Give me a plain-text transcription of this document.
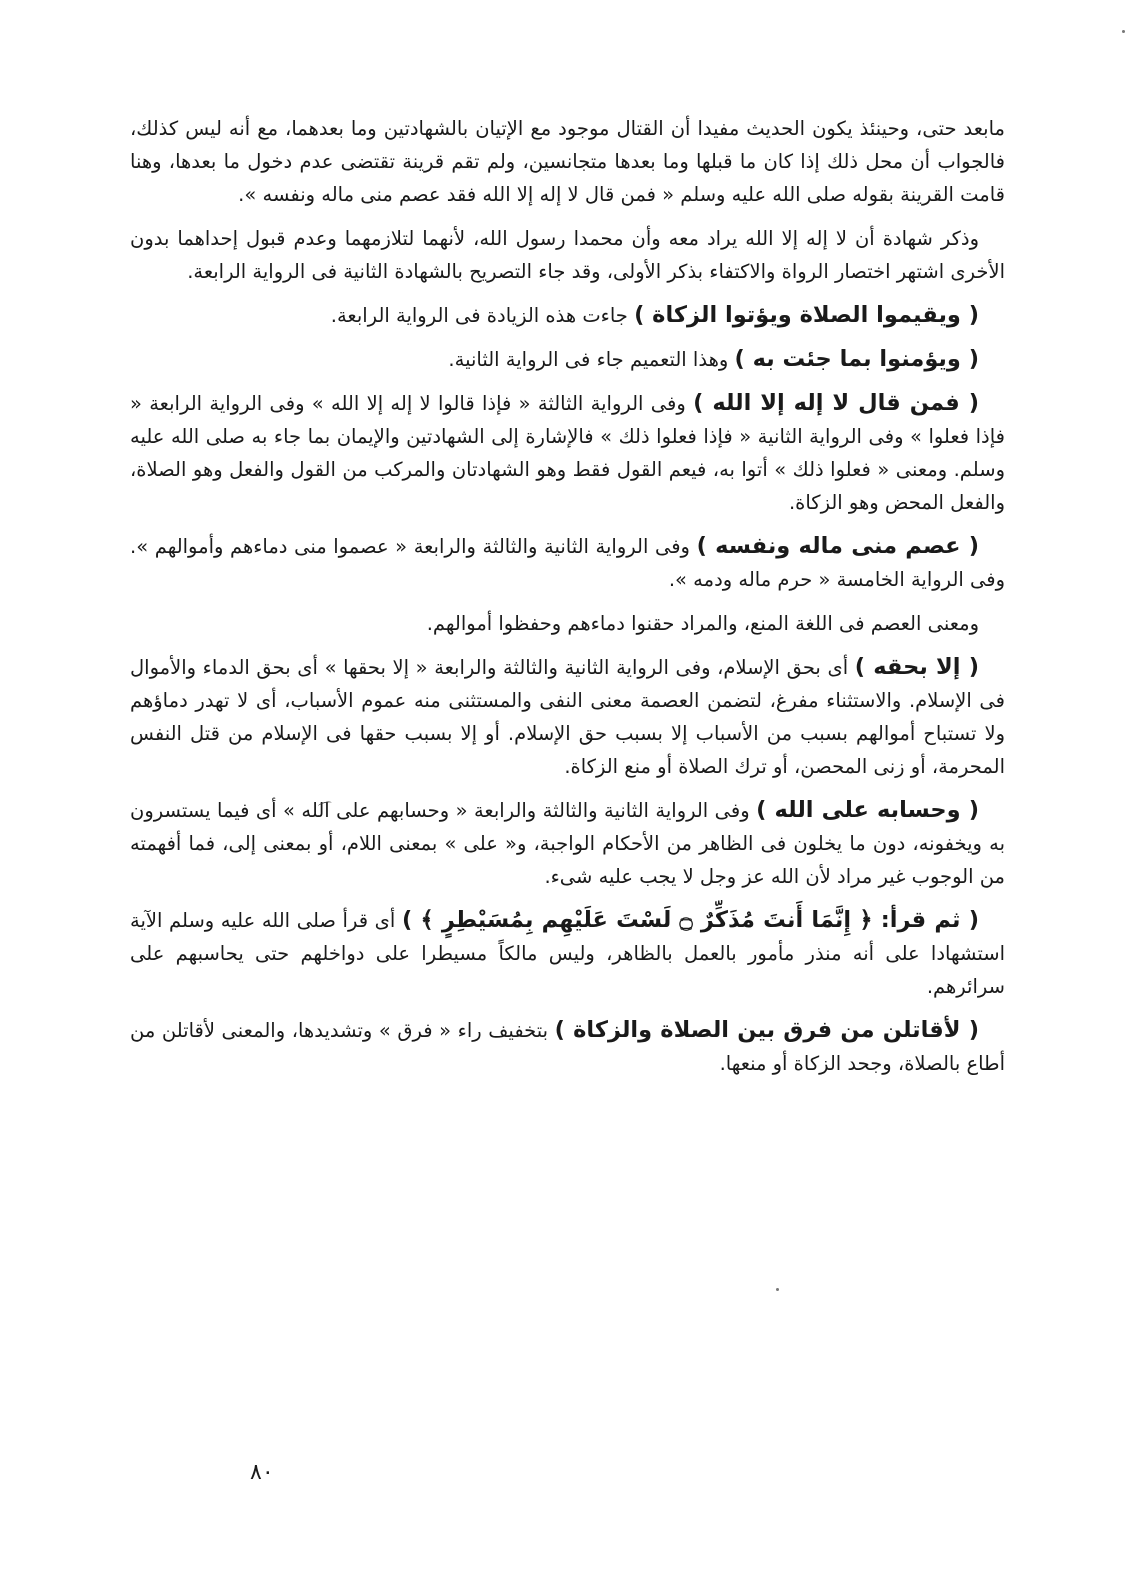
مابعد حتى، وحينئذ يكون الحديث مفيدا أن القتال موجود مع الإتيان بالشهادتين وما بعدهما، مع أنه ليس كذلك، فالجواب أن محل ذلك إذا كان ما قبلها وما بعدها متجانسين، ولم تقم قرينة تقتضى عدم دخول ما بعدها، وهنا قامت القرينة بقوله صلى الله عليه وسلم « فمن قال لا إله إلا الله فقد عصم منى ماله ونفسه ».

وذكر شهادة أن لا إله إلا الله يراد معه وأن محمدا رسول الله، لأنهما لتلازمهما وعدم قبول إحداهما بدون الأخرى اشتهر اختصار الرواة والاكتفاء بذكر الأولى، وقد جاء التصريح بالشهادة الثانية فى الرواية الرابعة.

( ويقيموا الصلاة ويؤتوا الزكاة ) جاءت هذه الزيادة فى الرواية الرابعة.

( ويؤمنوا بما جئت به ) وهذا التعميم جاء فى الرواية الثانية.

( فمن قال لا إله إلا الله ) وفى الرواية الثالثة « فإذا قالوا لا إله إلا الله » وفى الرواية الرابعة « فإذا فعلوا » وفى الرواية الثانية « فإذا فعلوا ذلك » فالإشارة إلى الشهادتين والإيمان بما جاء به صلى الله عليه وسلم. ومعنى « فعلوا ذلك » أتوا به، فيعم القول فقط وهو الشهادتان والمركب من القول والفعل وهو الصلاة، والفعل المحض وهو الزكاة.

( عصم منى ماله ونفسه ) وفى الرواية الثانية والثالثة والرابعة « عصموا منى دماءهم وأموالهم ». وفى الرواية الخامسة « حرم ماله ودمه ».

ومعنى العصم فى اللغة المنع، والمراد حقنوا دماءهم وحفظوا أموالهم.

( إلا بحقه ) أى بحق الإسلام، وفى الرواية الثانية والثالثة والرابعة « إلا بحقها » أى بحق الدماء والأموال فى الإسلام. والاستثناء مفرغ، لتضمن العصمة معنى النفى والمستثنى منه عموم الأسباب، أى لا تهدر دماؤهم ولا تستباح أموالهم بسبب من الأسباب إلا بسبب حق الإسلام. أو إلا بسبب حقها فى الإسلام من قتل النفس المحرمة، أو زنى المحصن، أو ترك الصلاة أو منع الزكاة.

( وحسابه على الله ) وفى الرواية الثانية والثالثة والرابعة « وحسابهم على الله » أى فيما يستسرون به ويخفونه، دون ما يخلون فى الظاهر من الأحكام الواجبة، و« على » بمعنى اللام، أو بمعنى إلى، فما أفهمته من الوجوب غير مراد لأن الله عز وجل لا يجب عليه شىء.

( ثم قرأ: ﴿ إِنَّمَا أَنتَ مُذَكِّرٌ ۝ لَسْتَ عَلَيْهِم بِمُسَيْطِرٍ ﴾ ) أى قرأ صلى الله عليه وسلم الآية استشهادا على أنه منذر مأمور بالعمل بالظاهر، وليس مالكاً مسيطرا على دواخلهم حتى يحاسبهم على سرائرهم.

( لأقاتلن من فرق بين الصلاة والزكاة ) بتخفيف راء « فرق » وتشديدها، والمعنى لأقاتلن من أطاع بالصلاة، وجحد الزكاة أو منعها.

٨٠
